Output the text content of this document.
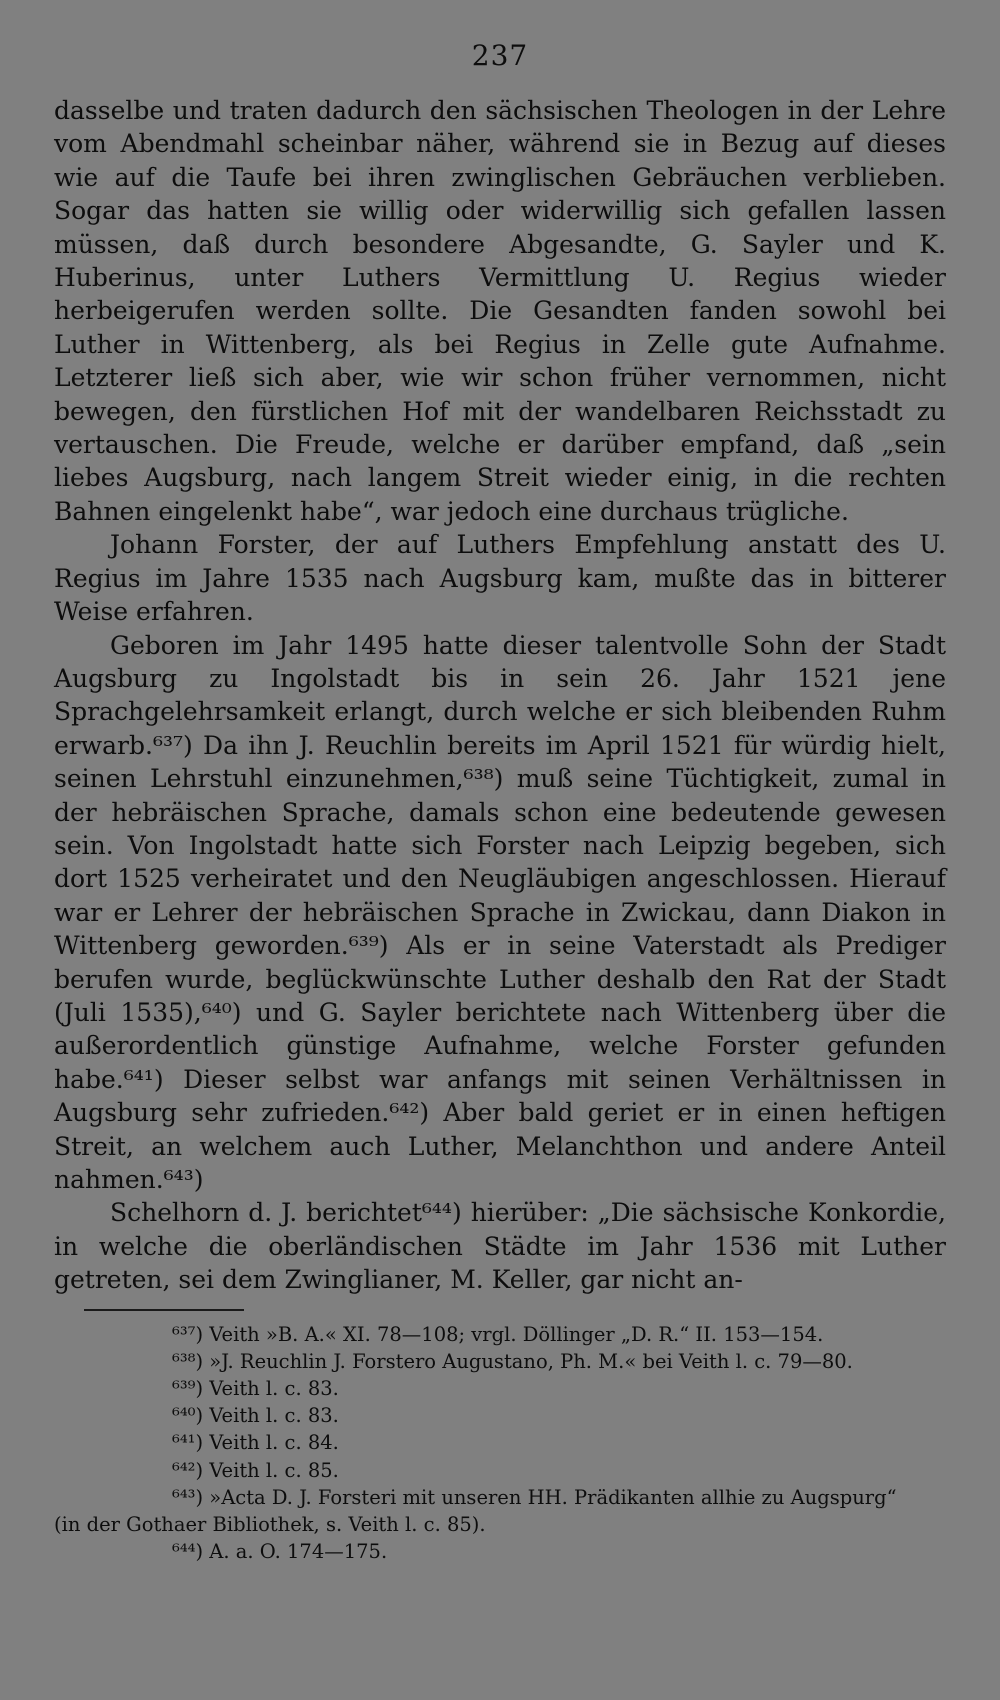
237

dasselbe und traten dadurch den sächsischen Theologen in der Lehre vom Abendmahl scheinbar näher, während sie in Bezug auf dieses wie auf die Taufe bei ihren zwinglischen Gebräuchen verblieben. Sogar das hatten sie willig oder widerwillig sich gefallen lassen müssen, daß durch besondere Abgesandte, G. Sayler und K. Huberinus, unter Luthers Vermittlung U. Regius wieder herbeigerufen werden sollte. Die Gesandten fanden sowohl bei Luther in Wittenberg, als bei Regius in Zelle gute Aufnahme. Letzterer ließ sich aber, wie wir schon früher vernommen, nicht bewegen, den fürstlichen Hof mit der wandelbaren Reichsstadt zu vertauschen. Die Freude, welche er darüber empfand, daß „sein liebes Augsburg, nach langem Streit wieder einig, in die rechten Bahnen eingelenkt habe“, war jedoch eine durchaus trügliche.

Johann Forster, der auf Luthers Empfehlung anstatt des U. Regius im Jahre 1535 nach Augsburg kam, mußte das in bitterer Weise erfahren.

Geboren im Jahr 1495 hatte dieser talentvolle Sohn der Stadt Augsburg zu Ingolstadt bis in sein 26. Jahr 1521 jene Sprachgelehrsamkeit erlangt, durch welche er sich bleibenden Ruhm erwarb.⁶³⁷) Da ihn J. Reuchlin bereits im April 1521 für würdig hielt, seinen Lehrstuhl einzunehmen,⁶³⁸) muß seine Tüchtigkeit, zumal in der hebräischen Sprache, damals schon eine bedeutende gewesen sein. Von Ingolstadt hatte sich Forster nach Leipzig begeben, sich dort 1525 verheiratet und den Neugläubigen angeschlossen. Hierauf war er Lehrer der hebräischen Sprache in Zwickau, dann Diakon in Wittenberg geworden.⁶³⁹) Als er in seine Vaterstadt als Prediger berufen wurde, beglückwünschte Luther deshalb den Rat der Stadt (Juli 1535),⁶⁴⁰) und G. Sayler berichtete nach Wittenberg über die außerordentlich günstige Aufnahme, welche Forster gefunden habe.⁶⁴¹) Dieser selbst war anfangs mit seinen Verhältnissen in Augsburg sehr zufrieden.⁶⁴²) Aber bald geriet er in einen heftigen Streit, an welchem auch Luther, Melanchthon und andere Anteil nahmen.⁶⁴³)

Schelhorn d. J. berichtet⁶⁴⁴) hierüber: „Die sächsische Konkordie, in welche die oberländischen Städte im Jahr 1536 mit Luther getreten, sei dem Zwinglianer, M. Keller, gar nicht an-

⁶³⁷) Veith »B. A.« XI. 78—108; vrgl. Döllinger „D. R.“ II. 153—154.

⁶³⁸) »J. Reuchlin J. Forstero Augustano, Ph. M.« bei Veith l. c. 79—80.

⁶³⁹) Veith l. c. 83.

⁶⁴⁰) Veith l. c. 83.

⁶⁴¹) Veith l. c. 84.

⁶⁴²) Veith l. c. 85.

⁶⁴³) »Acta D. J. Forsteri mit unseren HH. Prädikanten allhie zu Augspurg“

(in der Gothaer Bibliothek, s. Veith l. c. 85).

⁶⁴⁴) A. a. O. 174—175.
